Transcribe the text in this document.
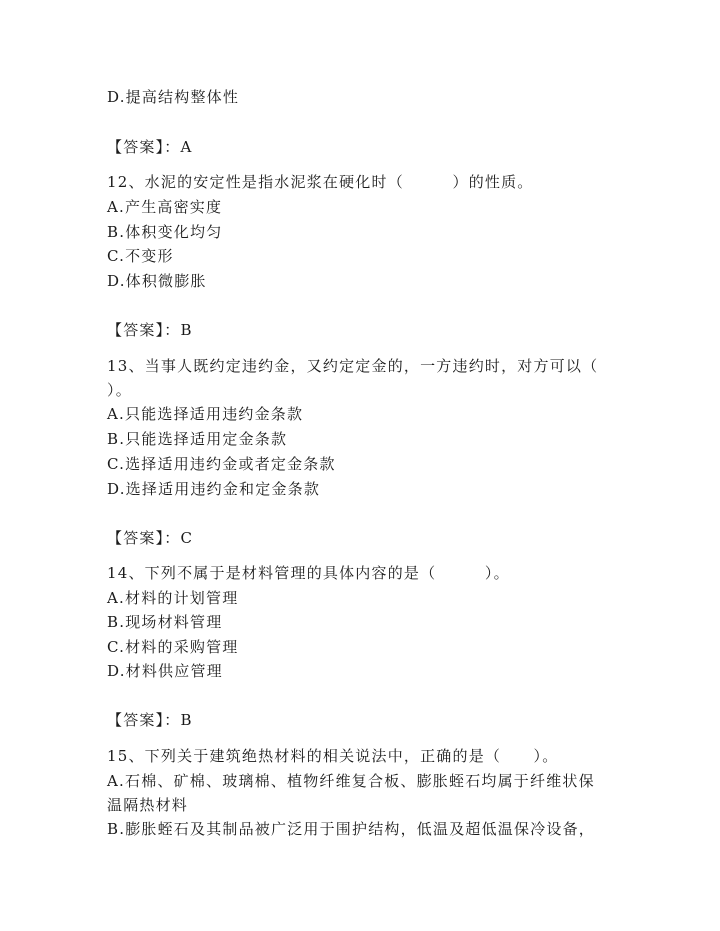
D.提高结构整体性
【答案】：A
12、水泥的安定性是指水泥浆在硬化时（　　　）的性质。
A.产生高密实度
B.体积变化均匀
C.不变形
D.体积微膨胀
【答案】：B
13、当事人既约定违约金，又约定定金的，一方违约时，对方可以（
）。
A.只能选择适用违约金条款
B.只能选择适用定金条款
C.选择适用违约金或者定金条款
D.选择适用违约金和定金条款
【答案】：C
14、下列不属于是材料管理的具体内容的是（　　　）。
A.材料的计划管理
B.现场材料管理
C.材料的采购管理
D.材料供应管理
【答案】：B
15、下列关于建筑绝热材料的相关说法中，正确的是（　　）。
A.石棉、矿棉、玻璃棉、植物纤维复合板、膨胀蛭石均属于纤维状保
温隔热材料
B.膨胀蛭石及其制品被广泛用于围护结构，低温及超低温保冷设备，
